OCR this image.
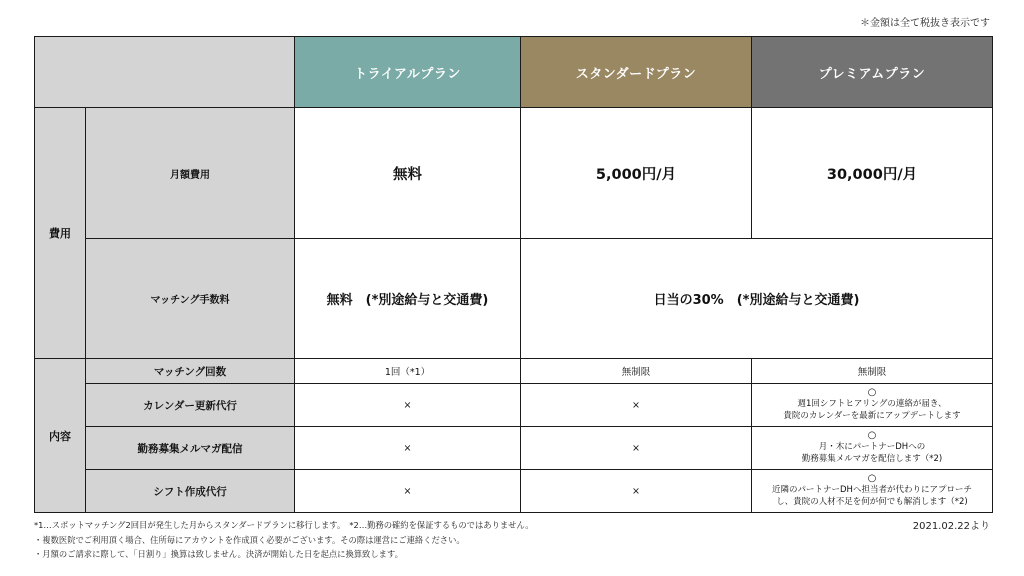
＊金額は全て税抜き表示です
		トライアルプラン	スタンダードプラン	プレミアムプラン
費用	月額費用	無料	5,000円/月	30,000円/月
	マッチング手数料	無料　(*別途給与と交通費)	日当の30%　(*別途給与と交通費)	
内容	マッチング回数	1回（*1）	無制限	無制限
	カレンダー更新代行	×	×	○
週1回シフトヒアリングの連絡が届き、
貴院のカレンダーを最新にアップデートします
	勤務募集メルマガ配信	×	×	○
月・木にパートナーDHへの
勤務募集メルマガを配信します（*2)
	シフト作成代行	×	×	○
近隣のパートナーDHへ担当者が代わりにアプローチ
し、貴院の人材不足を何が何でも解消します（*2)
*1…スポットマッチング2回目が発生した月からスタンダードプランに移行します。　*2…勤務の確約を保証するものではありません。
・複数医院でご利用頂く場合、住所毎にアカウントを作成頂く必要がございます。その際は運営にご連絡ください。
・月額のご請求に際して、「日割り」換算は致しません。決済が開始した日を起点に換算致します。
2021.02.22より
